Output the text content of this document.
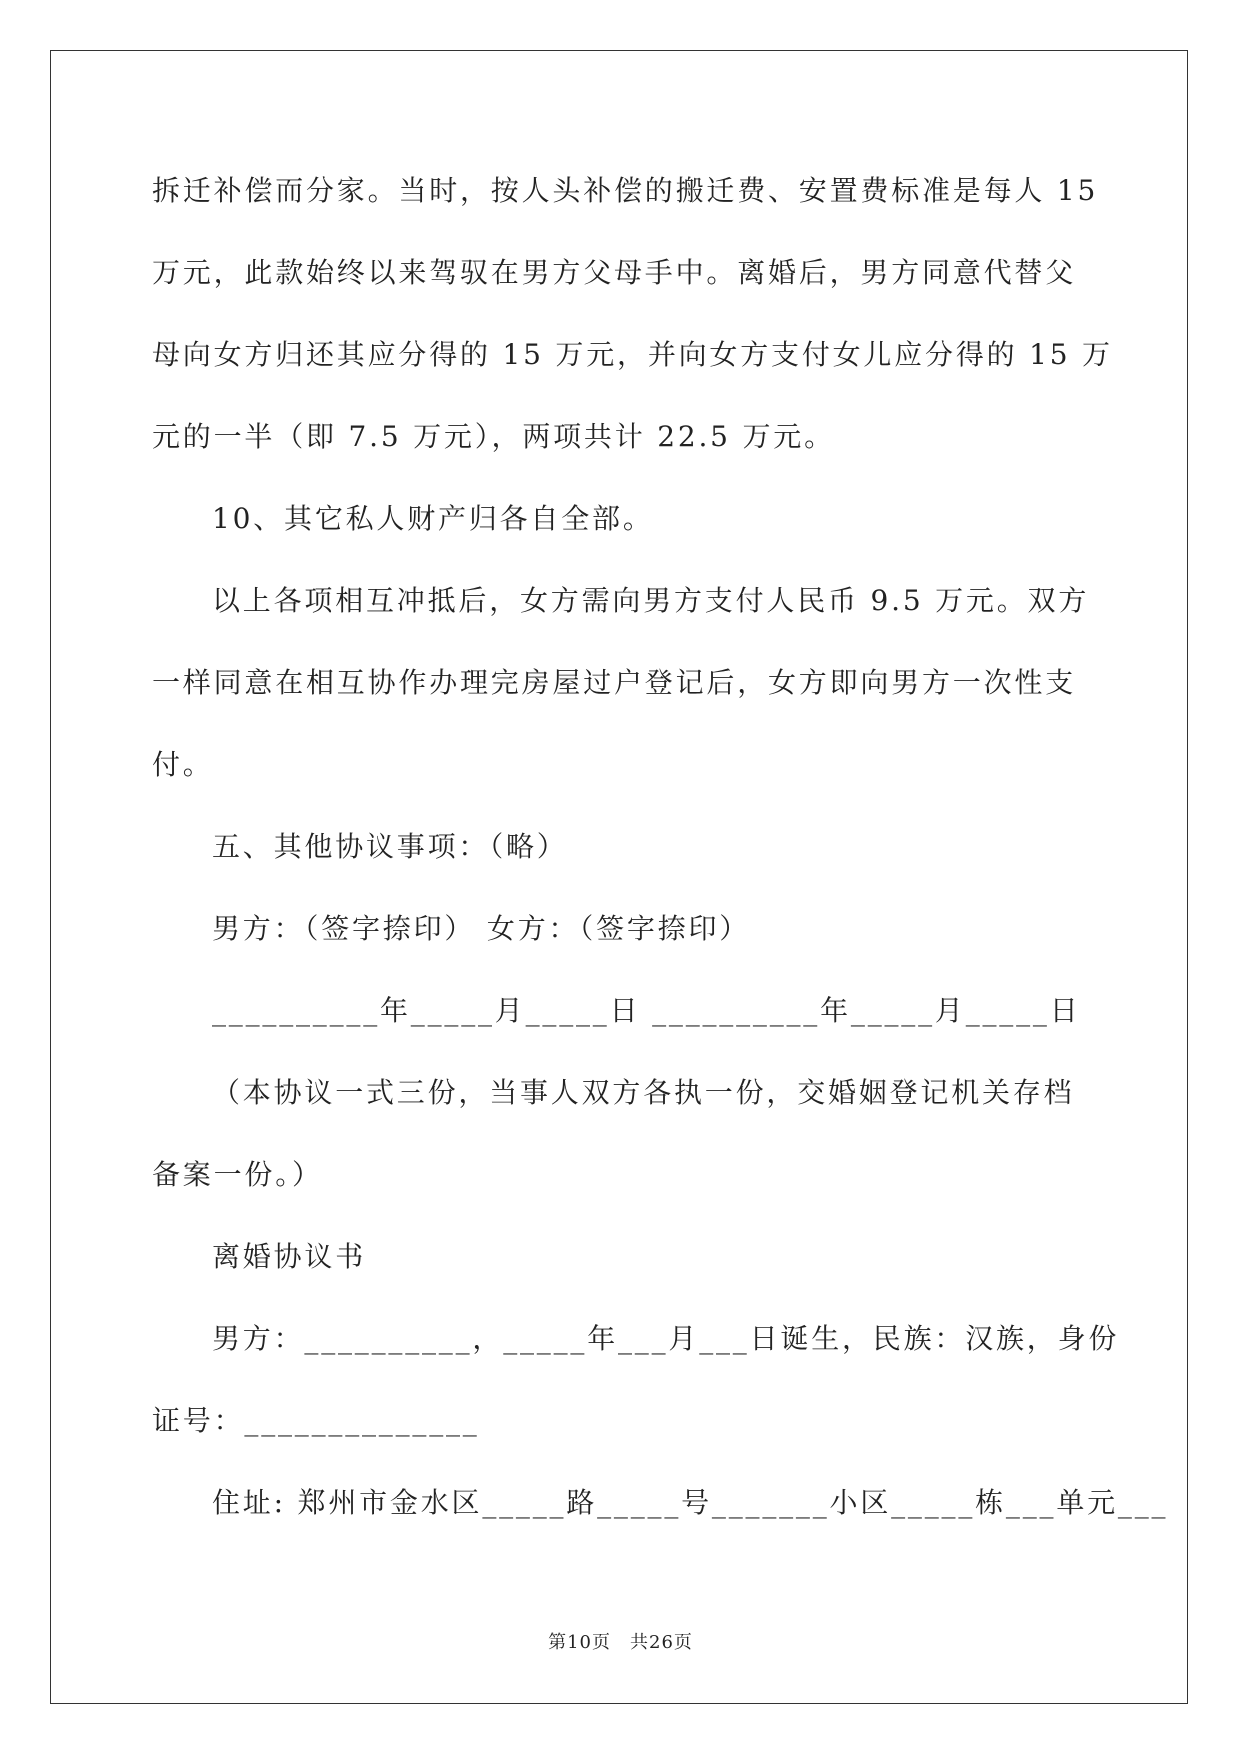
拆迁补偿而分家。当时，按人头补偿的搬迁费、安置费标准是每人 15
万元，此款始终以来驾驭在男方父母手中。离婚后，男方同意代替父
母向女方归还其应分得的 15 万元，并向女方支付女儿应分得的 15 万
元的一半（即 7.5 万元），两项共计 22.5 万元。
10、其它私人财产归各自全部。
以上各项相互冲抵后，女方需向男方支付人民币 9.5 万元。双方
一样同意在相互协作办理完房屋过户登记后，女方即向男方一次性支
付。
五、其他协议事项：（略）
男方：（签字捺印） 女方：（签字捺印）
__________年_____月_____日 __________年_____月_____日
（本协议一式三份，当事人双方各执一份，交婚姻登记机关存档
备案一份。）
离婚协议书
男方：__________，_____年___月___日诞生，民族：汉族，身份
证号：______________
住址: 郑州市金水区_____路_____号_______小区_____栋___单元___
第10页　共26页
